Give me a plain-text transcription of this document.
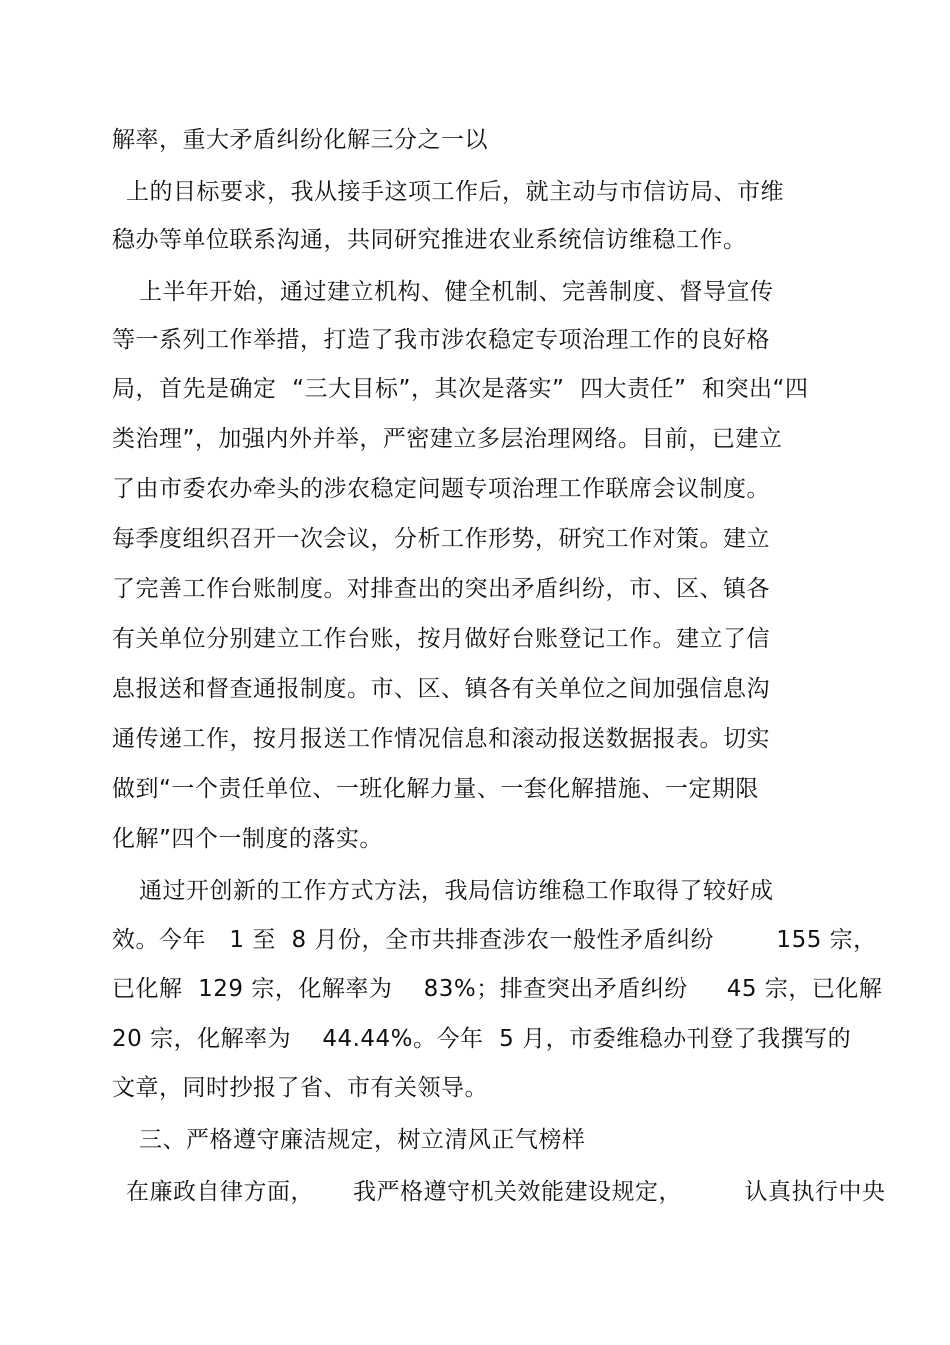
解率，重大矛盾纠纷化解三分之一以
上的目标要求，我从接手这项工作后，就主动与市信访局、市维
稳办等单位联系沟通，共同研究推进农业系统信访维稳工作。
上半年开始，通过建立机构、健全机制、完善制度、督导宣传
等一系列工作举措，打造了我市涉农稳定专项治理工作的良好格
局，首先是确定  “三大目标”，其次是落实”  四大责任”  和突出“四
类治理”，加强内外并举，严密建立多层治理网络。目前，已建立
了由市委农办牵头的涉农稳定问题专项治理工作联席会议制度。
每季度组织召开一次会议，分析工作形势，研究工作对策。建立
了完善工作台账制度。对排查出的突出矛盾纠纷，市、区、镇各
有关单位分别建立工作台账，按月做好台账登记工作。建立了信
息报送和督查通报制度。市、区、镇各有关单位之间加强信息沟
通传递工作，按月报送工作情况信息和滚动报送数据报表。切实
做到“一个责任单位、一班化解力量、一套化解措施、一定期限
化解”四个一制度的落实。
通过开创新的工作方式方法，我局信访维稳工作取得了较好成
效。今年   1 至  8 月份，全市共排查涉农一般性矛盾纠纷        155 宗，
已化解  129 宗，化解率为    83%；排查突出矛盾纠纷     45 宗，已化解
20 宗，化解率为    44.44%。今年  5 月，市委维稳办刊登了我撰写的
文章，同时抄报了省、市有关领导。
三、严格遵守廉洁规定，树立清风正气榜样
在廉政自律方面，     我严格遵守机关效能建设规定，        认真执行中央
